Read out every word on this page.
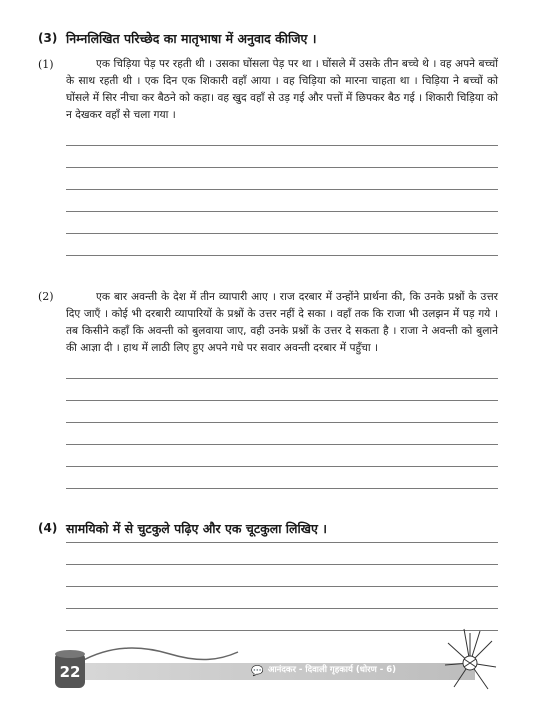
(3) निम्नलिखित परिच्छेद का मातृभाषा में अनुवाद कीजिए ।
(1)	एक चिड़िया पेड़ पर रहती थी । उसका घोंसला पेड़ पर था । घोंसले में उसके तीन बच्चे थे । वह अपने बच्चों के साथ रहती थी । एक दिन एक शिकारी वहाँ आया । वह चिड़िया को मारना चाहता था । चिड़िया ने बच्चों को घोंसले में सिर नीचा कर बैठने को कहा। वह खुद वहाँ से उड़ गई और पत्तों में छिपकर बैठ गई । शिकारी चिड़िया को न देखकर वहाँ से चला गया ।
(2)	एक बार अवन्ती के देश में तीन व्यापारी आए । राज दरबार में उन्होंने प्रार्थना की, कि उनके प्रश्नों के उत्तर दिए जाएँ । कोई भी दरबारी व्यापारियों के प्रश्नों के उत्तर नहीं दे सका । वहाँ तक कि राजा भी उलझन में पड़ गये । तब किसीने कहाँ कि अवन्ती को बुलवाया जाए, वही उनके प्रश्नों के उत्तर दे सकता है । राजा ने अवन्ती को बुलाने की आज्ञा दी । हाथ में लाठी लिए हुए अपने गधे पर सवार अवन्ती दरबार में पहुँचा ।
(4) सामयिको में से चुटकुले पढ़िए और एक चूटकुला लिखिए ।
💬 आनंदकर - दिवाली गृहकार्य (धोरण - 6)
22
